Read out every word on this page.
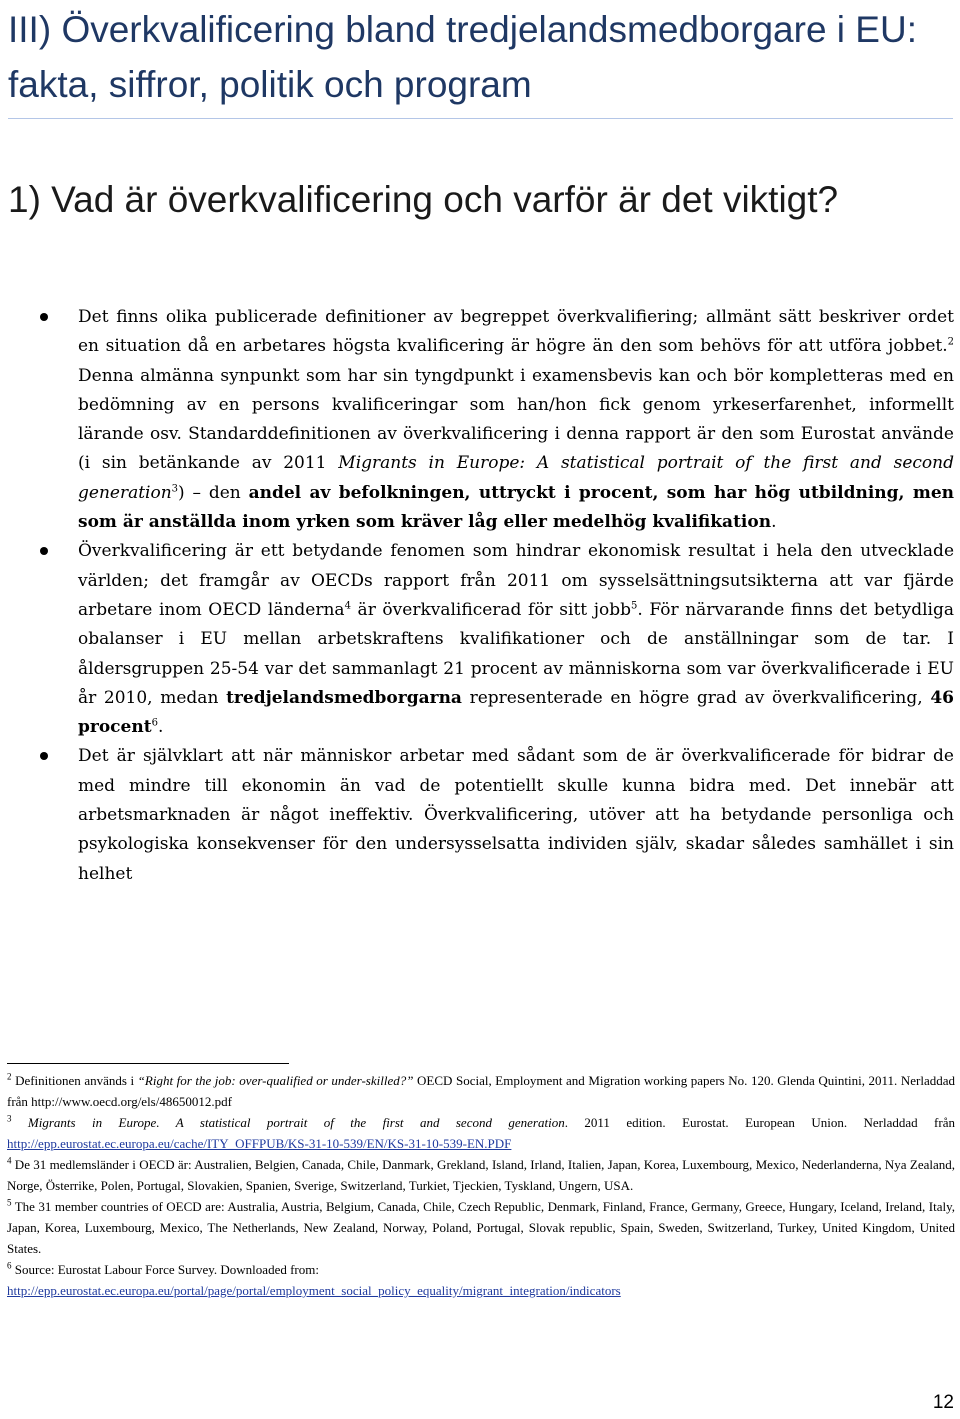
III) Överkvalificering bland tredjelandsmedborgare i EU: fakta, siffror, politik och program
1) Vad är överkvalificering och varför är det viktigt?
Det finns olika publicerade definitioner av begreppet överkvalifiering; allmänt sätt beskriver ordet en situation då en arbetares högsta kvalificering är högre än den som behövs för att utföra jobbet.$^2$ Denna almänna synpunkt som har sin tyngdpunkt i examensbevis kan och bör kompletteras med en bedömning av en persons kvalificeringar som han/hon fick genom yrkeserfarenhet, informellt lärande osv. Standarddefinitionen av överkvalificering i denna rapport är den som Eurostat använde (i sin betänkande av 2011 Migrants in Europe: A statistical portrait of the first and second generation$^3$) – den andel av befolkningen, uttryckt i procent, som har hög utbildning, men som är anställda inom yrken som kräver låg eller medelhög kvalifikation.
Överkvalificering är ett betydande fenomen som hindrar ekonomisk resultat i hela den utvecklade världen; det framgår av OECDs rapport från 2011 om sysselsättningsutsikterna att var fjärde arbetare inom OECD länderna$^4$ är överkvalificerad för sitt jobb$^5$. För närvarande finns det betydliga obalanser i EU mellan arbetskraftens kvalifikationer och de anställningar som de tar. I åldersgruppen 25-54 var det sammanlagt 21 procent av människorna som var överkvalificerade i EU år 2010, medan tredjelandsmedborgarna representerade en högre grad av överkvalificering, 46 procent$^6$.
Det är självklart att när människor arbetar med sådant som de är överkvalificerade för bidrar de med mindre till ekonomin än vad de potentiellt skulle kunna bidra med. Det innebär att arbetsmarknaden är något ineffektiv. Överkvalificering, utöver att ha betydande personliga och psykologiska konsekvenser för den undersysselsatta individen själv, skadar således samhället i sin helhet
$^2$ Definitionen används i “Right for the job: over-qualified or under-skilled?” OECD Social, Employment and Migration working papers No. 120. Glenda Quintini, 2011. Nerladdad från http://www.oecd.org/els/48650012.pdf
$^3$ Migrants in Europe. A statistical portrait of the first and second generation. 2011 edition. Eurostat. European Union. Nerladdad från http://epp.eurostat.ec.europa.eu/cache/ITY_OFFPUB/KS-31-10-539/EN/KS-31-10-539-EN.PDF
$^4$ De 31 medlemsländer i OECD är: Australien, Belgien, Canada, Chile, Danmark, Grekland, Island, Irland, Italien, Japan, Korea, Luxembourg, Mexico, Nederlanderna, Nya Zealand, Norge, Österrike, Polen, Portugal, Slovakien, Spanien, Sverige, Switzerland, Turkiet, Tjeckien, Tyskland, Ungern, USA.
$^5$ The 31 member countries of OECD are: Australia, Austria, Belgium, Canada, Chile, Czech Republic, Denmark, Finland, France, Germany, Greece, Hungary, Iceland, Ireland, Italy, Japan, Korea, Luxembourg, Mexico, The Netherlands, New Zealand, Norway, Poland, Portugal, Slovak republic, Spain, Sweden, Switzerland, Turkey, United Kingdom, United States.
$^6$ Source: Eurostat Labour Force Survey. Downloaded from:
http://epp.eurostat.ec.europa.eu/portal/page/portal/employment_social_policy_equality/migrant_integration/indicators
12
